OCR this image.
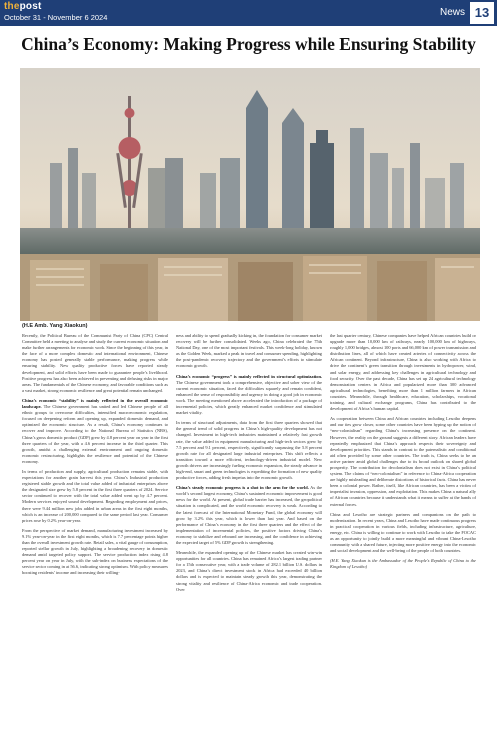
thepost
October 31 - November 6 2024	News 13
China’s Economy: Making Progress while Ensuring Stability
(H.E Amb. Yang Xiaokun)

Recently, the Political Bureau of the Communist Party of China (CPC) Central Committee held a meeting to analyse and study the current economic situation and make further arrangements for economic work. Since the beginning of this year, in the face of a more complex domestic and international environment, Chinese economy has posted generally stable performance, making progress while ensuring stability. New quality productive forces have reported steady development, and solid efforts have been made to guarantee people’s livelihood. Positive progress has also been achieved in preventing and defusing risks in major areas. The fundamentals of the Chinese economy, and favorable conditions such as a vast market, strong economic resilience and great potential remain unchanged.

China’s economic “stability” is mainly reflected in the overall economic landscape. The Chinese government has united and led Chinese people of all ethnic groups to overcome difficulties, intensified macroeconomic regulation, focused on deepening reform and opening up, expanded domestic demand, and optimized the economic structure. As a result, China’s economy continues to recover and improve. According to the National Bureau of Statistics (NBS), China’s gross domestic product (GDP) grew by 4.8 percent year on year in the first three quarters of the year, with a 4.6 percent increase in the third quarter. This growth, amidst a challenging external environment and ongoing domestic economic restructuring, highlights the resilience and potential of the Chinese economy.

In terms of production and supply, agricultural production remains stable, with expectations for another grain harvest this year. China’s Industrial production registered stable growth and the total value added of industrial enterprises above the designated size grew by 5.8 percent in the first three quarters of 2024. Service sector continued to recover with the total value added went up by 4.7 percent. Modern services enjoyed sound development. Regarding employment and prices, there were 9.44 million new jobs added in urban areas in the first eight months, which is an increase of 200,000 compared to the same period last year. Consumer prices rose by 0.2% year-on-year.

From the perspective of market demand, manufacturing investment increased by 9.1% year-on-year in the first eight months, which is 7.7 percentage points higher than the overall investment growth rate. Retail sales, a vital gauge of consumption, reported stellar growth in July, highlighting a broadening recovery in domestic demand amid targeted policy support. The service production index rising 4.8 percent year on year in July, with the sub-index on business expectations of the service sector coming in at 56.6, indicating strong optimism. With policy measures boosting residents’ income and increasing their willing-

ness and ability to spend gradually kicking in, the foundation for consumer market recovery will be further consolidated. Weeks ago, China celebrated the 75th National Day, one of the most important festivals. This week-long holiday, known as the Golden Week, marked a peak in travel and consumer spending, highlighting the post-pandemic recovery trajectory and the government’s efforts to stimulate economic growth.

China’s economic “progress” is mainly reflected in structural optimization. The Chinese government took a comprehensive, objective and sober view of the current economic situation, faced the difficulties squarely and remain confident, enhanced the sense of responsibility and urgency in doing a good job in economic work. The meeting mentioned above accelerated the introduction of a package of incremental policies, which greatly enhanced market confidence and stimulated market vitality.

In terms of structural adjustments, data from the first three quarters showed that the general trend of solid progress in China’s high-quality development has not changed. Investment in high-tech industries maintained a relatively fast growth rate, the value added in equipment manufacturing and high-tech sectors grew by 7.5 percent and 9.1 percent, respectively, significantly surpassing the 5.8 percent growth rate for all designated large industrial enterprises. This shift reflects a transition toward a more efficient, technology-driven industrial model. New growth drivers are increasingly fueling economic expansion, the steady advance in high-end, smart and green technologies is expediting the formation of new quality productive forces, adding fresh impetus into the economic growth.

China’s steady economic progress is a shot in the arm for the world. As the world’s second largest economy, China’s sustained economic improvement is good news for the world. At present, global trade barrier has increased, the geopolitical situation is complicated, and the world economic recovery is weak. According to the latest forecast of the International Monetary Fund, the global economy will grow by 3.2% this year, which is lower than last year. And based on the performance of China’s economy in the first three quarters and the effect of the implementation of incremental policies, the positive factors driving China’s economy to stabilize and rebound are increasing, and the confidence in achieving the expected target of 5% GDP growth is strengthening.

Meanwhile, the expanded opening up of the Chinese market has created win-win opportunities for all countries. China has remained Africa’s largest trading partner for a 15th consecutive year, with a trade volume of 282.1 billion U.S. dollars in 2023, and China’s direct investment stock in Africa had exceeded 40 billion dollars and is expected to maintain steady growth this year, demonstrating the strong vitality and resilience of China-Africa economic and trade cooperation. Over

the last quarter century, Chinese companies have helped African countries build or upgrade more than 10,000 km of railways, nearly 100,000 km of highways, roughly 1,000 bridges, almost 100 ports and 66,000 km of power transmission and distribution lines, all of which have created arteries of connectivity across the African continent. Beyond infrastructure, China is also working with Africa to drive the continent’s green transition through investments in hydropower, wind, and solar energy, and addressing key challenges in agricultural technology and food security. Over the past decade, China has set up 24 agricultural technology demonstration centers in Africa and popularized more than 300 advanced agricultural technologies, benefiting more than 1 million farmers in African countries. Meanwhile, through healthcare, education, scholarships, vocational training, and cultural exchange programs, China has contributed to the development of Africa’s human capital.

As cooperation between China and African countries including Lesotho deepens and our ties grow closer, some other countries have been hyping up the notion of “neo-colonialism” regarding China’s increasing presence on the continent. However, the reality on the ground suggests a different story. African leaders have repeatedly emphasized that China’s approach respects their sovereignty and development priorities. This stands in contrast to the paternalistic and conditional aid often provided by some other countries. The truth is, China seeks to be an active partner amid global challenges due to its broad outlook on shared global prosperity. The contribution for decolonialism does not exist in China’s political system. The claims of “neo-colonialism” in reference to China-Africa cooperation are highly misleading and deliberate distortions of historical facts. China has never been a colonial power. Rather, itself, like African countries, has been a victim of imperialist invasion, oppression, and exploitation. This makes China a natural ally of African countries because it understands what it means to suffer at the hands of external forces.

China and Lesotho are strategic partners and companions on the path to modernization. In recent years, China and Lesotho have made continuous progress in practical cooperation in various fields, including infrastructure, agriculture, energy, etc. China is willing to continue to work with Lesotho to take the FOCAC as an opportunity to jointly build a more meaningful and vibrant China-Lesotho community with a shared future, injecting more positive energy into the economic and social development and the well-being of the people of both countries.

(H.E. Yang Xiaokun is the Ambassador of the People’s Republic of China to the Kingdom of Lesotho)
